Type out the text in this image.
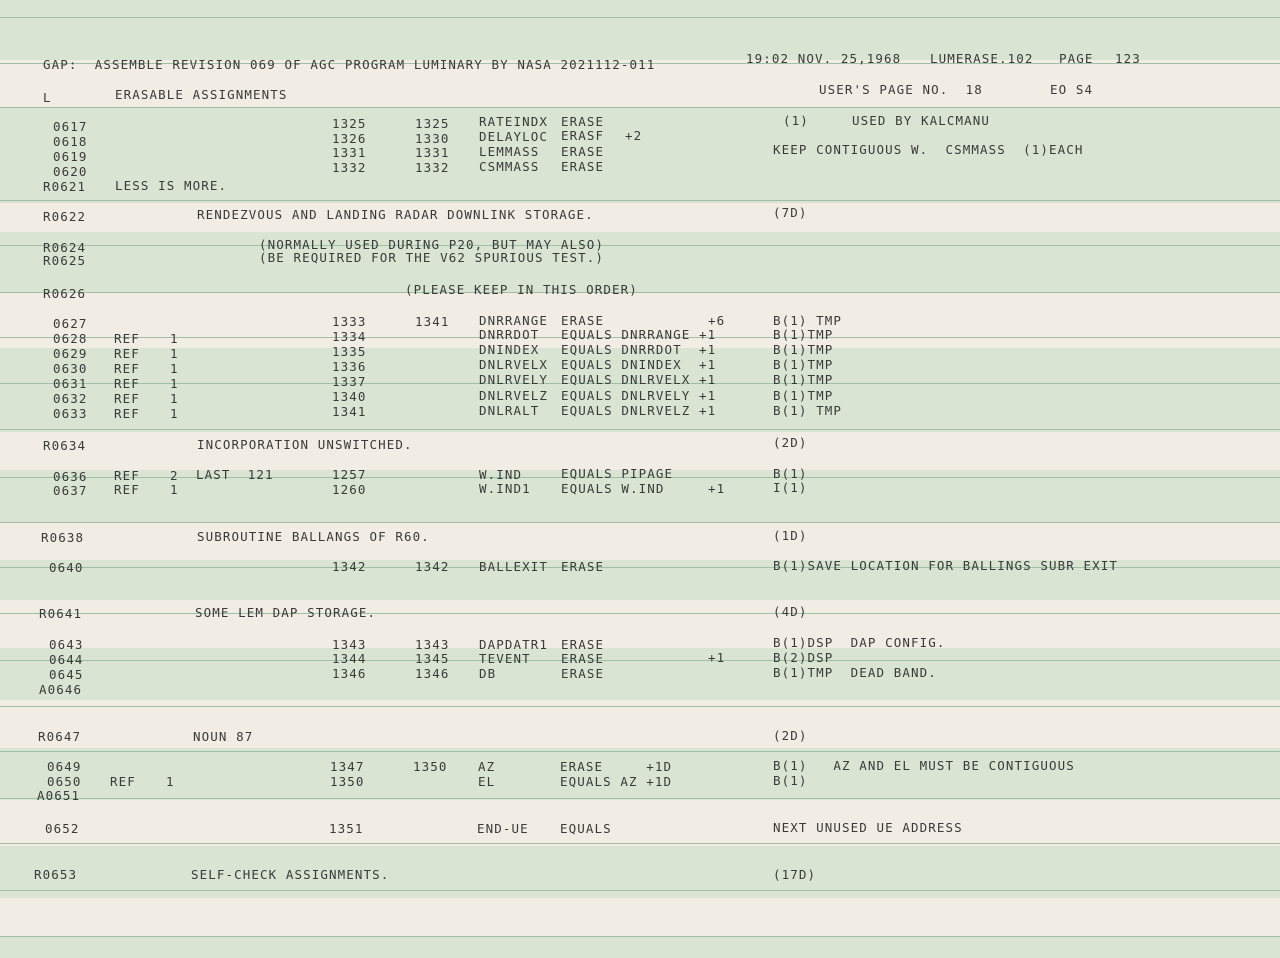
GAP:  ASSEMBLE REVISION 069 OF AGC PROGRAM LUMINARY BY NASA 2021112-011	19:02 NOV. 25,1968 LUMERASE.102 PAGE 123
USER'S PAGE NO.  18	EO S4
L	ERASABLE ASSIGNMENTS
0617	1325	1325 RATEINDX ERASE	(1)     USED BY KALCMANU
0618	1326	1330 DELAYLOC ERASF +2
0619	1331	1331 LEMMASS ERASE	KEEP CONTIGUOUS W.  CSMMASS  (1)EACH
0620	1332	1332 CSMMASS ERASE
R0621 LESS IS MORE.
R0622	RENDEZVOUS AND LANDING RADAR DOWNLINK STORAGE.	(7D)
R0624	(NORMALLY USED DURING P20, BUT MAY ALSO)
R0625	(BE REQUIRED FOR THE V62 SPURIOUS TEST.)
R0626	(PLEASE KEEP IN THIS ORDER)
0627	1333	1341 DNRRANGE ERASE	+6	B(1) TMP
0628 REF 1	1334	DNRRDOT EQUALS DNRRANGE +1	B(1)TMP
0629 REF 1	1335	DNINDEX EQUALS DNRRDOT  +1	B(1)TMP
0630 REF 1	1336	DNLRVELX EQUALS DNINDEX  +1	B(1)TMP
0631 REF 1	1337	DNLRVELY EQUALS DNLRVELX +1	B(1)TMP
0632 REF 1	1340	DNLRVELZ EQUALS DNLRVELY +1	B(1)TMP
0633 REF 1	1341	DNLRALT EQUALS DNLRVELZ +1	B(1) TMP
R0634	INCORPORATION UNSWITCHED.	(2D)
0636 REF 2 LAST  121	1257	W.IND	EQUALS PIPAGE	B(1)
0637 REF 1	1260	W.IND1 EQUALS W.IND	+1	I(1)
R0638	SUBROUTINE BALLANGS OF R60.	(1D)
0640	1342	1342 BALLEXIT ERASE	B(1)SAVE LOCATION FOR BALLINGS SUBR EXIT
R0641	SOME LEM DAP STORAGE.	(4D)
0643	1343	1343 DAPDATR1 ERASE	B(1)DSP  DAP CONFIG.
0644	1344	1345 TEVENT ERASE	+1	B(2)DSP
0645	1346	1346 DB	ERASE	B(1)TMP  DEAD BAND.
A0646
R0647	NOUN 87	(2D)
0649	1347	1350 AZ	ERASE     +1D	B(1)   AZ AND EL MUST BE CONTIGUOUS
0650 REF 1	1350	EL	EQUALS AZ +1D	B(1)
A0651
0652	1351	END-UE EQUALS	NEXT UNUSED UE ADDRESS
R0653	SELF-CHECK ASSIGNMENTS.	(17D)
